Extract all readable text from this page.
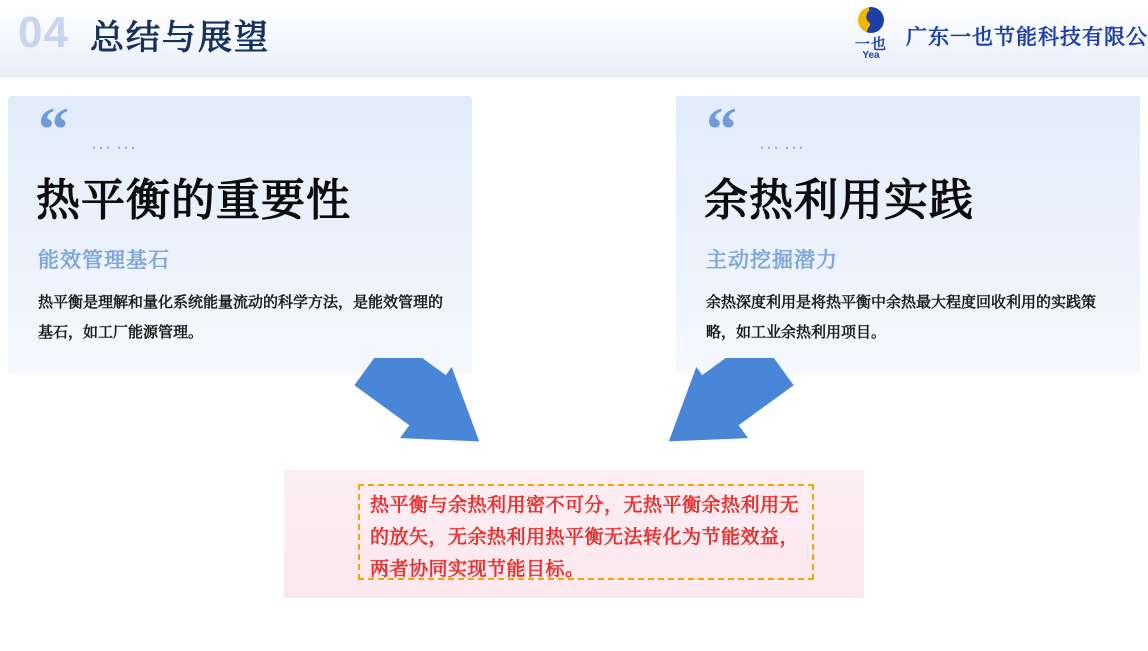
04 总结与展望	一也
Yea
广东一也节能科技有限公
“ ……
热平衡的重要性
能效管理基石
热平衡是理解和量化系统能量流动的科学方法，是能效管理的基石，如工厂能源管理。
“ ……
余热利用实践
主动挖掘潜力
余热深度利用是将热平衡中余热最大程度回收利用的实践策略，如工业余热利用项目。
热平衡与余热利用密不可分，无热平衡余热利用无的放矢，无余热利用热平衡无法转化为节能效益，两者协同实现节能目标。
